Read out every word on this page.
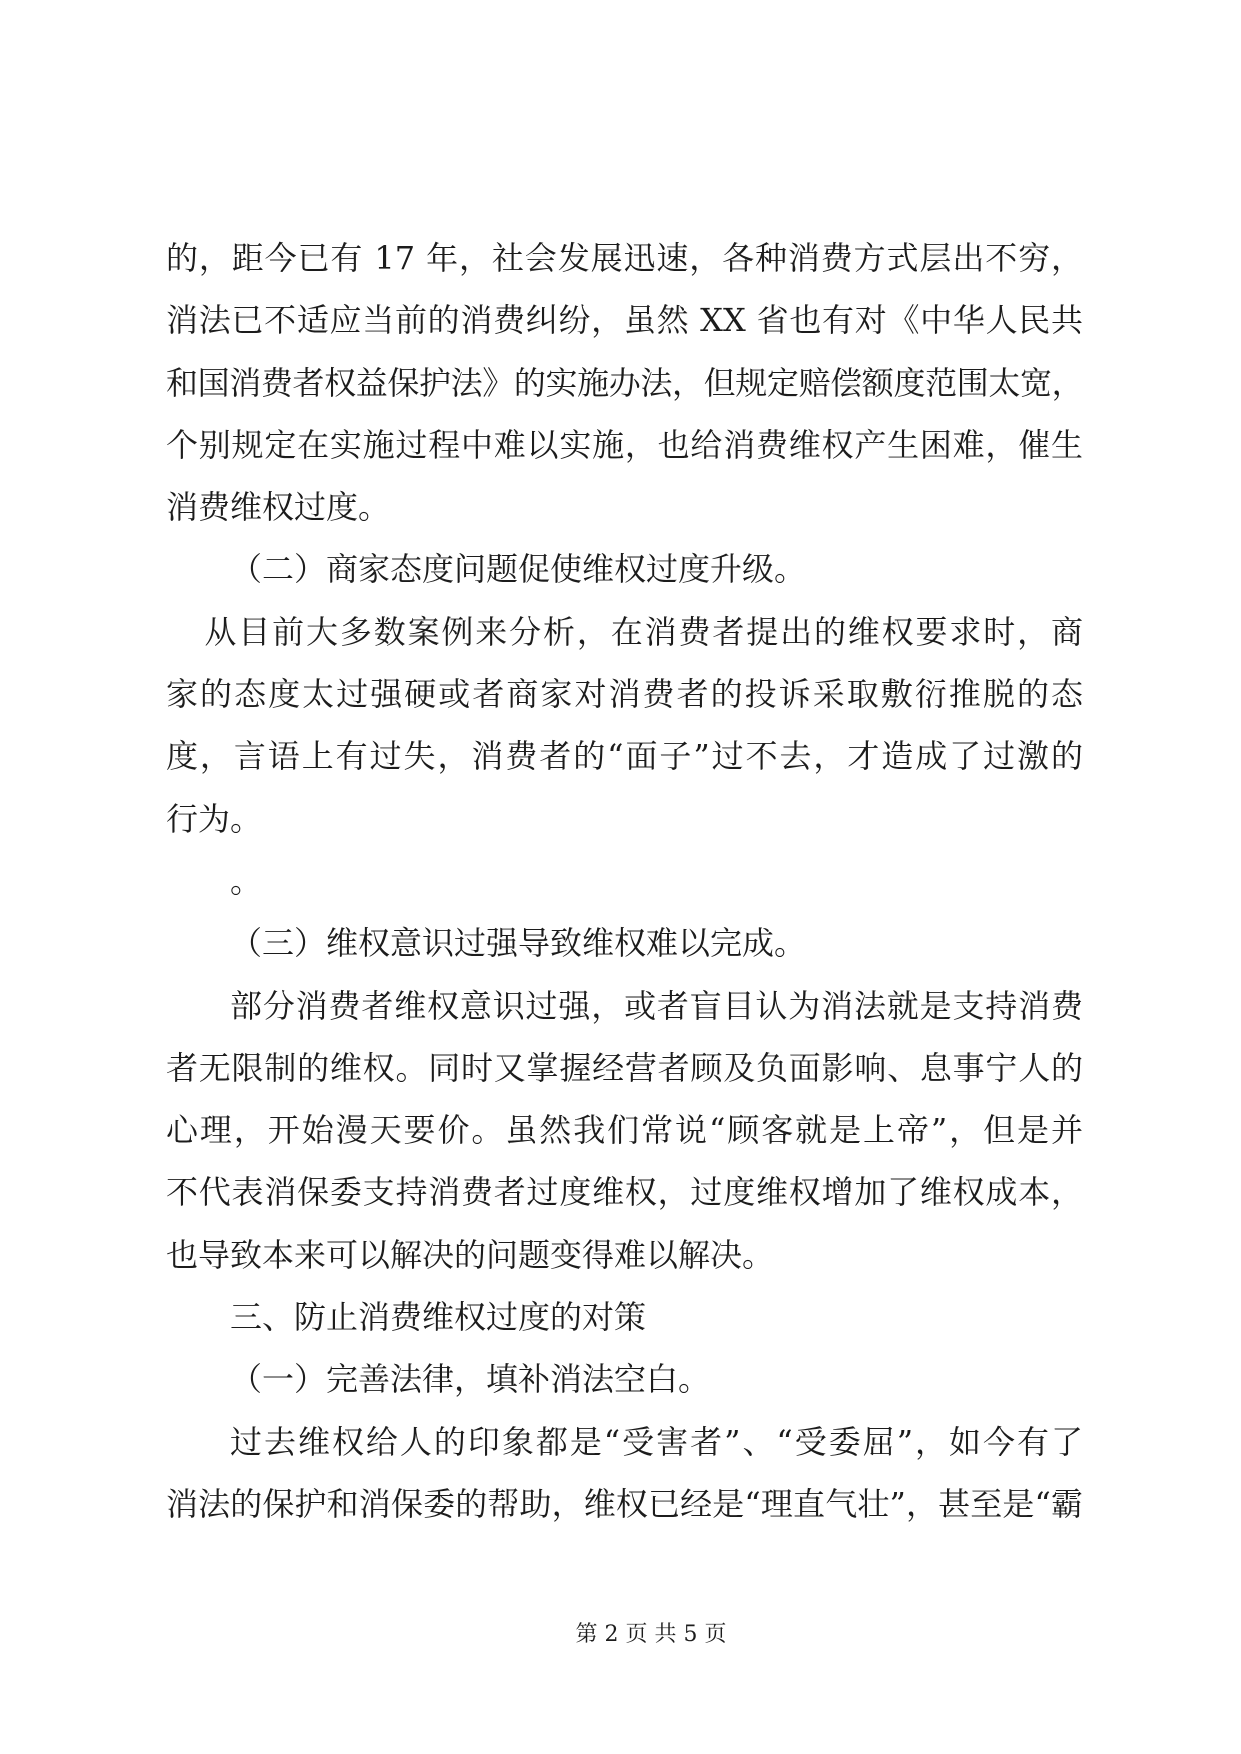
的，距今已有 17 年，社会发展迅速，各种消费方式层出不穷，
消法已不适应当前的消费纠纷，虽然 XX 省也有对《中华人民共
和国消费者权益保护法》的实施办法，但规定赔偿额度范围太宽，
个别规定在实施过程中难以实施，也给消费维权产生困难，催生
消费维权过度。
（二）商家态度问题促使维权过度升级。
从目前大多数案例来分析，在消费者提出的维权要求时，商
家的态度太过强硬或者商家对消费者的投诉采取敷衍推脱的态
度，言语上有过失，消费者的“面子”过不去，才造成了过激的
行为。
。
（三）维权意识过强导致维权难以完成。
部分消费者维权意识过强，或者盲目认为消法就是支持消费
者无限制的维权。同时又掌握经营者顾及负面影响、息事宁人的
心理，开始漫天要价。虽然我们常说“顾客就是上帝”，但是并
不代表消保委支持消费者过度维权，过度维权增加了维权成本，
也导致本来可以解决的问题变得难以解决。
三、防止消费维权过度的对策
（一）完善法律，填补消法空白。
过去维权给人的印象都是“受害者”、“受委屈”，如今有了
消法的保护和消保委的帮助，维权已经是“理直气壮”，甚至是“霸
第 2 页 共 5 页
